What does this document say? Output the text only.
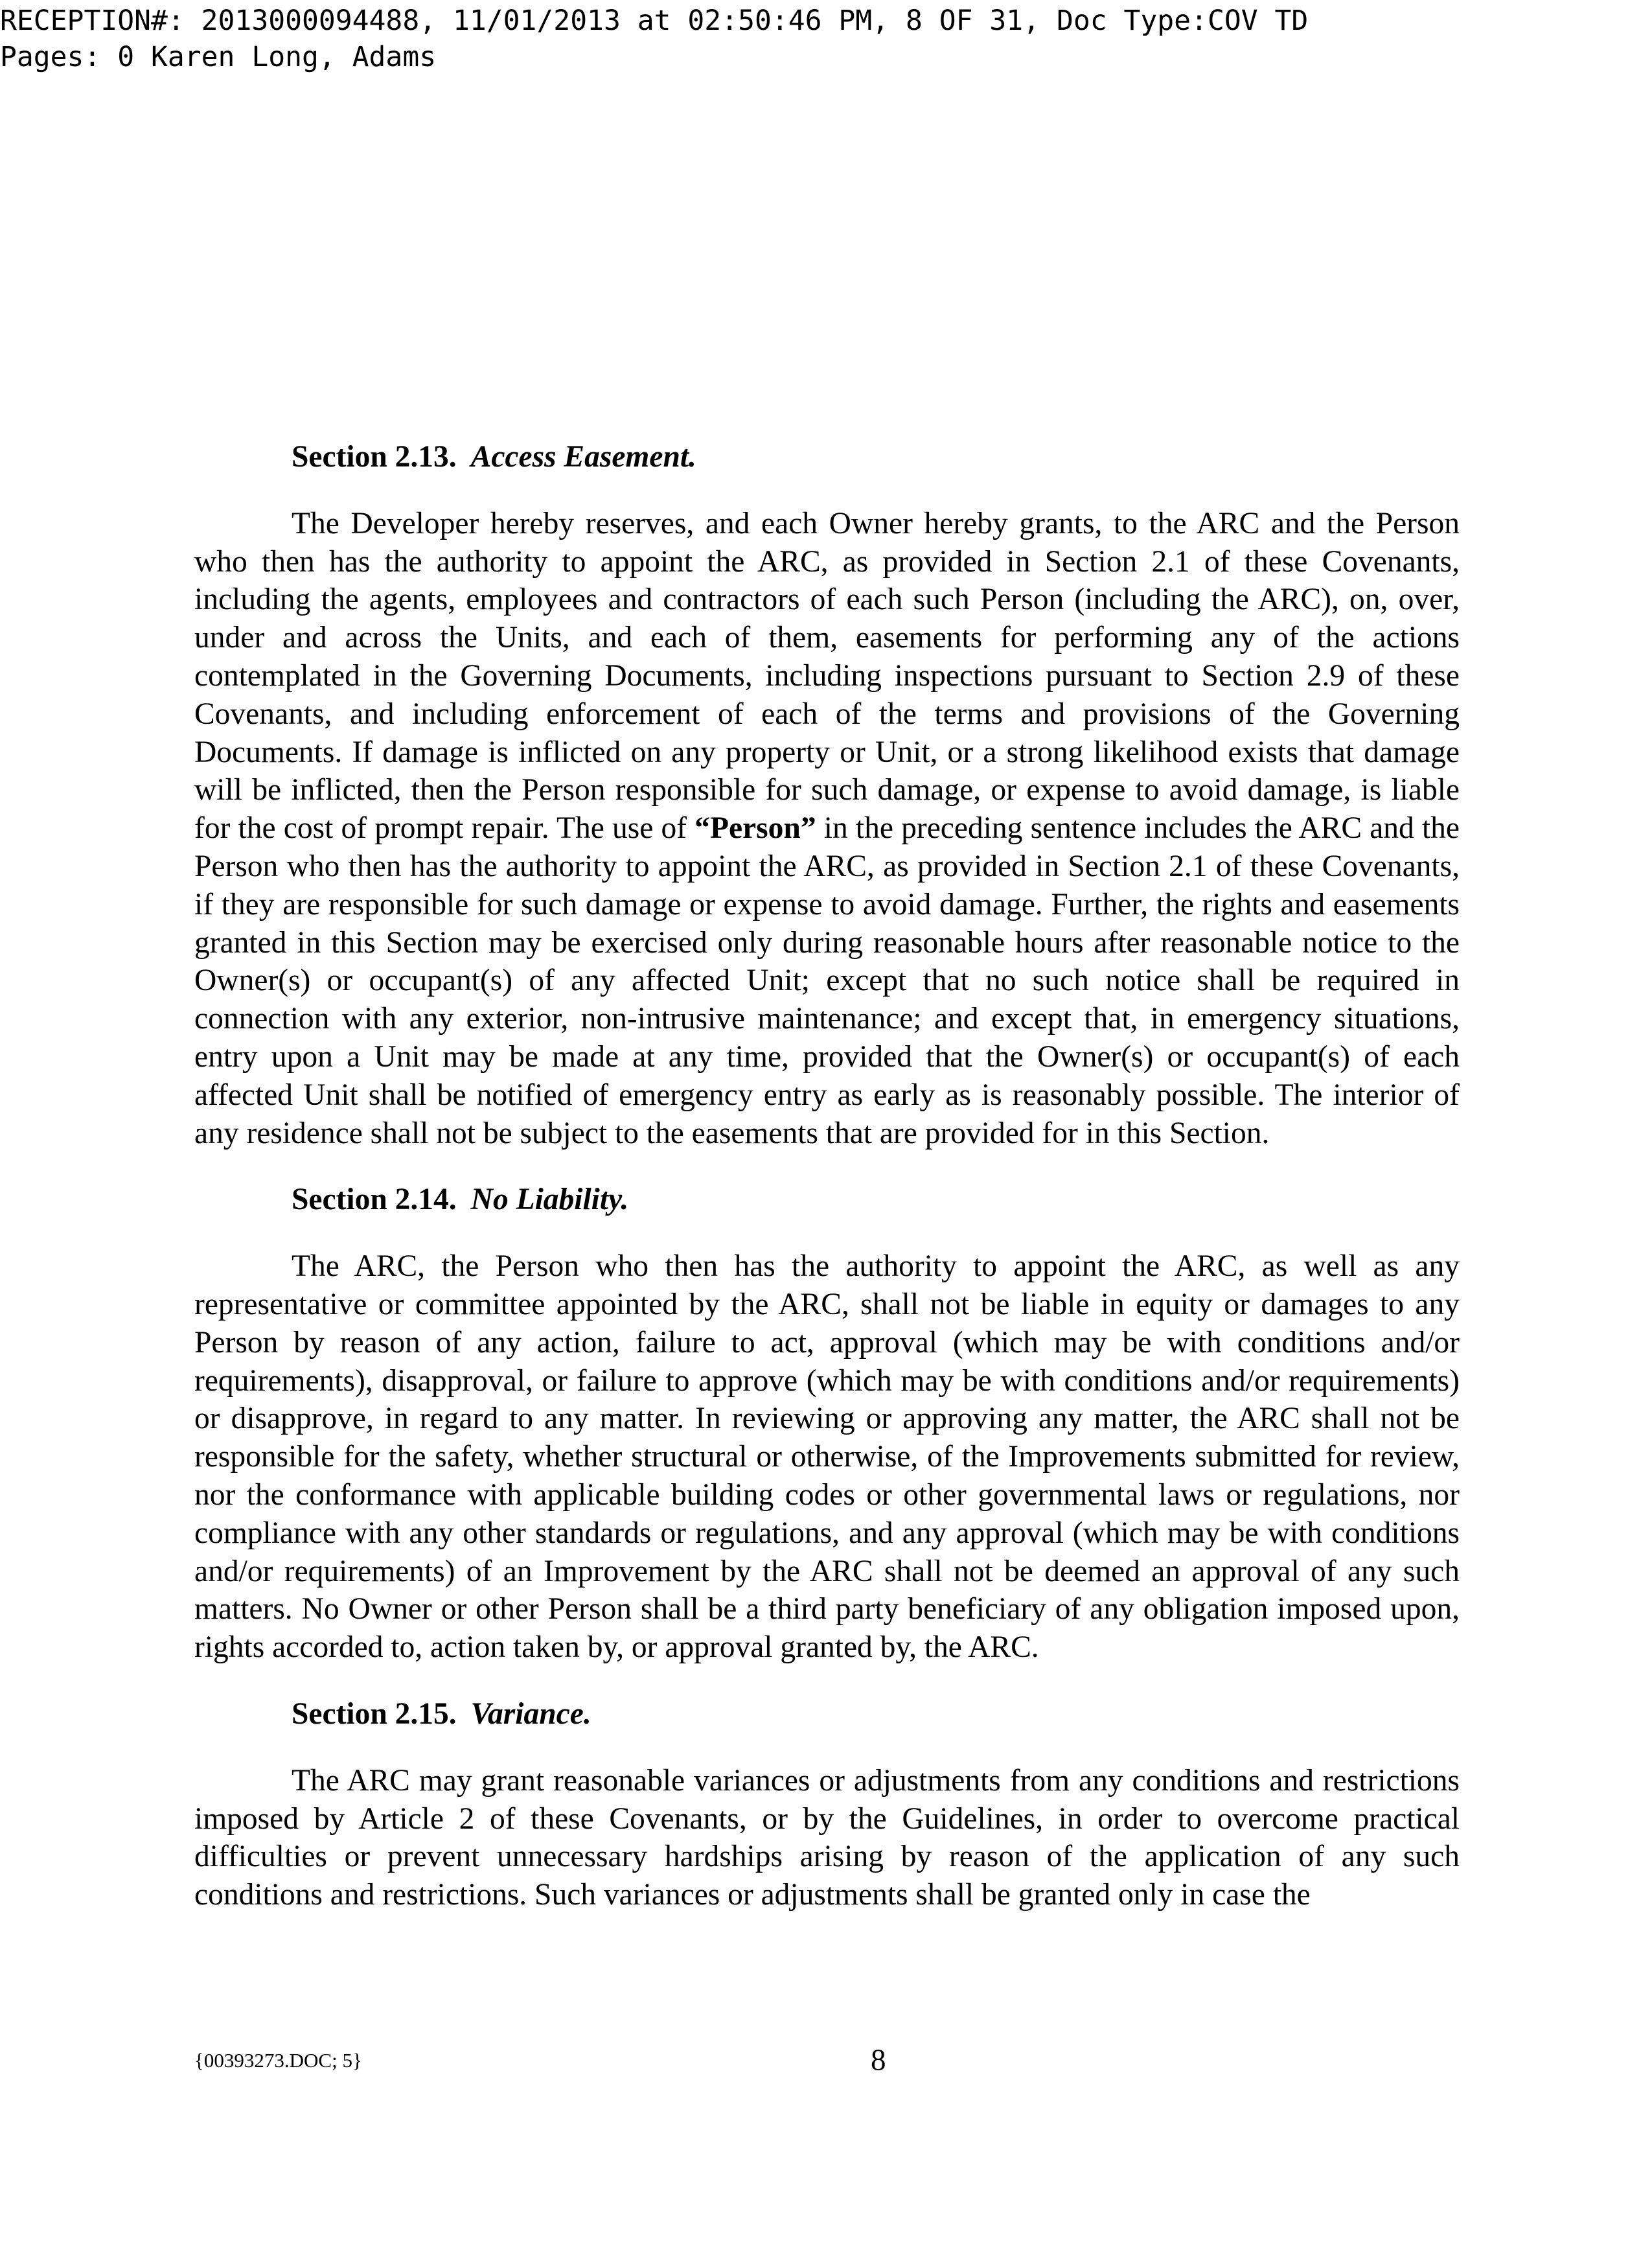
RECEPTION#: 2013000094488, 11/01/2013 at 02:50:46 PM, 8 OF 31, Doc Type:COV TD
Pages: 0 Karen Long, Adams
Section 2.13. Access Easement.

The Developer hereby reserves, and each Owner hereby grants, to the ARC and the Person who then has the authority to appoint the ARC, as provided in Section 2.1 of these Covenants, including the agents, employees and contractors of each such Person (including the ARC), on, over, under and across the Units, and each of them, easements for performing any of the actions contemplated in the Governing Documents, including inspections pursuant to Section 2.9 of these Covenants, and including enforcement of each of the terms and provisions of the Governing Documents. If damage is inflicted on any property or Unit, or a strong likelihood exists that damage will be inflicted, then the Person responsible for such damage, or expense to avoid damage, is liable for the cost of prompt repair. The use of “Person” in the preceding sentence includes the ARC and the Person who then has the authority to appoint the ARC, as provided in Section 2.1 of these Covenants, if they are responsible for such damage or expense to avoid damage. Further, the rights and easements granted in this Section may be exercised only during reasonable hours after reasonable notice to the Owner(s) or occupant(s) of any affected Unit; except that no such notice shall be required in connection with any exterior, non-intrusive maintenance; and except that, in emergency situations, entry upon a Unit may be made at any time, provided that the Owner(s) or occupant(s) of each affected Unit shall be notified of emergency entry as early as is reasonably possible. The interior of any residence shall not be subject to the easements that are provided for in this Section.

Section 2.14. No Liability.

The ARC, the Person who then has the authority to appoint the ARC, as well as any representative or committee appointed by the ARC, shall not be liable in equity or damages to any Person by reason of any action, failure to act, approval (which may be with conditions and/or requirements), disapproval, or failure to approve (which may be with conditions and/or requirements) or disapprove, in regard to any matter. In reviewing or approving any matter, the ARC shall not be responsible for the safety, whether structural or otherwise, of the Improvements submitted for review, nor the conformance with applicable building codes or other governmental laws or regulations, nor compliance with any other standards or regulations, and any approval (which may be with conditions and/or requirements) of an Improvement by the ARC shall not be deemed an approval of any such matters. No Owner or other Person shall be a third party beneficiary of any obligation imposed upon, rights accorded to, action taken by, or approval granted by, the ARC.

Section 2.15. Variance.

The ARC may grant reasonable variances or adjustments from any conditions and restrictions imposed by Article 2 of these Covenants, or by the Guidelines, in order to overcome practical difficulties or prevent unnecessary hardships arising by reason of the application of any such conditions and restrictions. Such variances or adjustments shall be granted only in case the

{00393273.DOC; 5}	8
